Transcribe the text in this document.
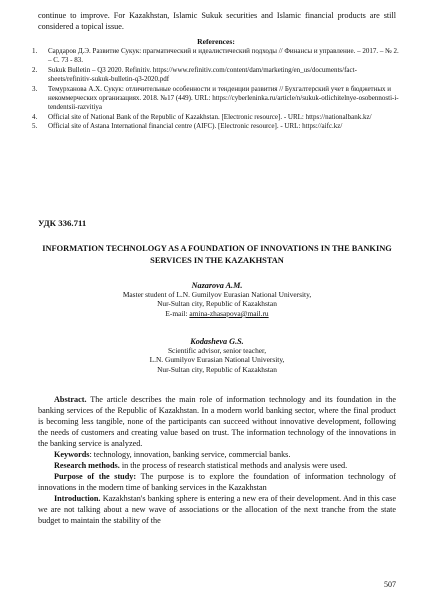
continue to improve. For Kazakhstan, Islamic Sukuk securities and Islamic financial products are still considered a topical issue.

References:

1. Сардаров Д.Э. Развитие Сукук: прагматический и идеалистический подходы // Финансы и управление. – 2017. – № 2. – С. 73 - 83.
2. Sukuk Bulletin – Q3 2020. Refinitiv. https://www.refinitiv.com/content/dam/marketing/en_us/documents/fact-sheets/refinitiv-sukuk-bulletin-q3-2020.pdf
3. Темурханова А.Х. Сукук: отличительные особенности и тенденции развития // Бухгалтерский учет в бюджетных и некоммерческих организациях. 2018. №17 (449). URL: https://cyberleninka.ru/article/n/sukuk-otlichitelnye-osobennosti-i-tendentsii-razvitiya
4. Official site of National Bank of the Republic of Kazakhstan. [Electronic resource]. - URL: https://nationalbank.kz/
5. Official site of Astana International financial centre (AIFC). [Electronic resource]. - URL: https://aifc.kz/

УДК 336.711

INFORMATION TECHNOLOGY AS A FOUNDATION OF INNOVATIONS IN THE BANKING SERVICES IN THE KAZAKHSTAN

Nazarova A.M.

Master student of L.N. Gumilyov Eurasian National University,

Nur-Sultan city, Republic of Kazakhstan

E-mail: amina-zhasapova@mail.ru

Kodasheva G.S.

Scientific advisor, senior teacher,

L.N. Gumilyov Eurasian National University,

Nur-Sultan city, Republic of Kazakhstan

Abstract. The article describes the main role of information technology and its foundation in the banking services of the Republic of Kazakhstan. In a modern world banking sector, where the final product is becoming less tangible, none of the participants can succeed without innovative development, following the needs of customers and creating value based on trust. The information technology of the innovations in the banking service is analyzed.

Keywords: technology, innovation, banking service, commercial banks.

Research methods. in the process of research statistical methods and analysis were used.

Purpose of the study: The purpose is to explore the foundation of information technology of innovations in the modern time of banking services in the Kazakhstan

Introduction. Kazakhstan's banking sphere is entering a new era of their development. And in this case we are not talking about a new wave of associations or the allocation of the next tranche from the state budget to maintain the stability of the

507
